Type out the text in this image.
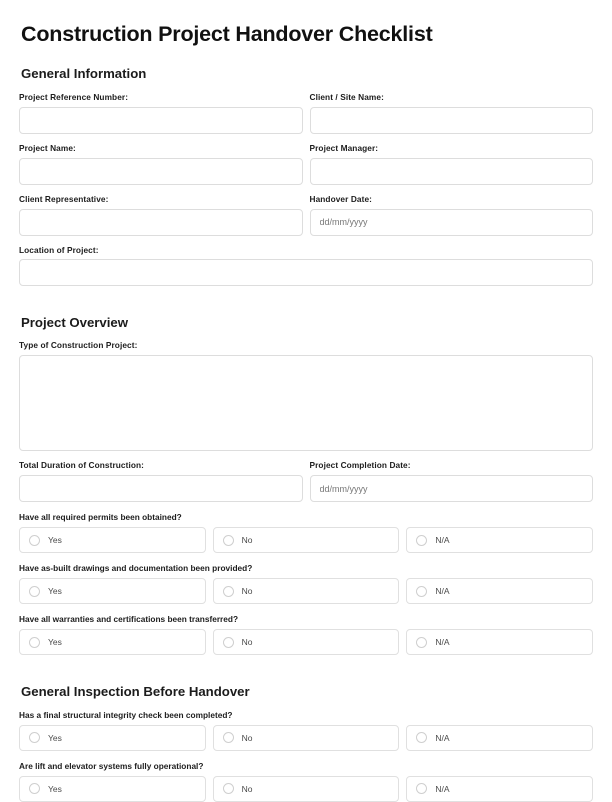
Construction Project Handover Checklist
General Information
Project Reference Number:	Client / Site Name:
Project Name:	Project Manager:
Client Representative:	Handover Date:
dd/mm/yyyy
Location of Project:
Project Overview
Type of Construction Project:
Total Duration of Construction:	Project Completion Date:
dd/mm/yyyy
Have all required permits been obtained?
Yes	No	N/A
Have as-built drawings and documentation been provided?
Yes	No	N/A
Have all warranties and certifications been transferred?
Yes	No	N/A
General Inspection Before Handover
Has a final structural integrity check been completed?
Yes	No	N/A
Are lift and elevator systems fully operational?
Yes	No	N/A
